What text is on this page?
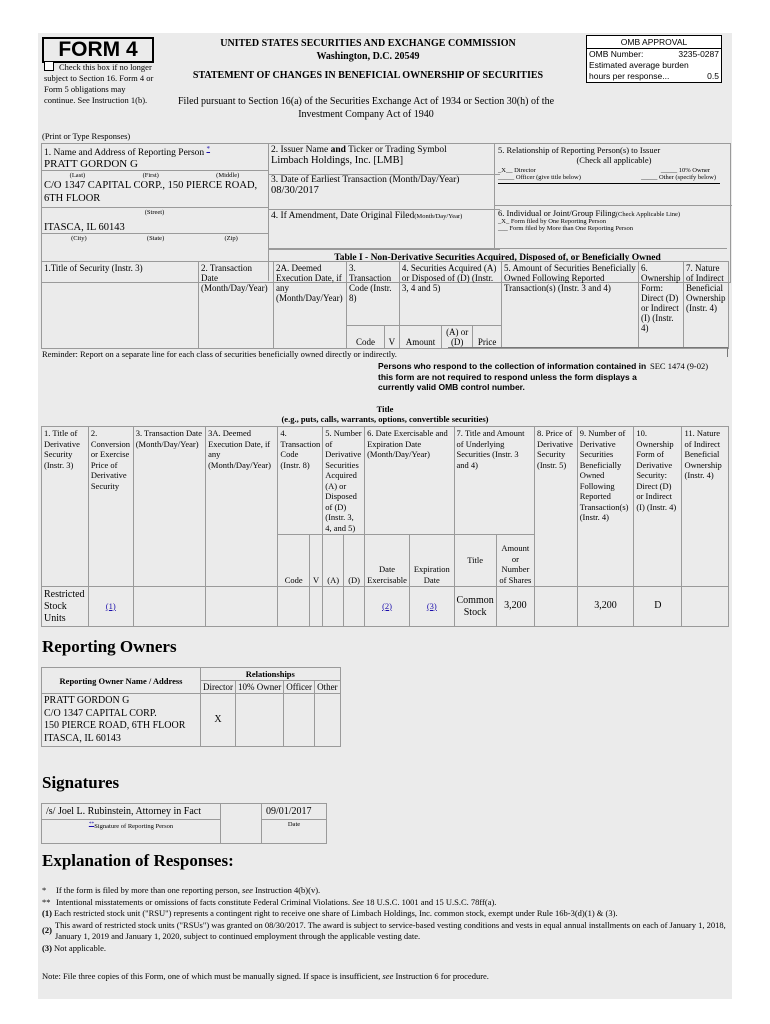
FORM 4
Check this box if no longer subject to Section 16. Form 4 or Form 5 obligations may continue. See Instruction 1(b).
UNITED STATES SECURITIES AND EXCHANGE COMMISSION
Washington, D.C. 20549
STATEMENT OF CHANGES IN BENEFICIAL OWNERSHIP OF SECURITIES
Filed pursuant to Section 16(a) of the Securities Exchange Act of 1934 or Section 30(h) of the
Investment Company Act of 1940
OMB APPROVAL
OMB Number:	3235-0287
Estimated average burden
hours per response...	0.5
(Print or Type Responses)
1. Name and Address of Reporting Person *
PRATT GORDON G
(Last)	(First)	(Middle)
C/O 1347 CAPITAL CORP., 150 PIERCE ROAD, 6TH FLOOR
(Street)
ITASCA, IL 60143
(City)	(State)	(Zip)
2. Issuer Name and Ticker or Trading Symbol
Limbach Holdings, Inc. [LMB]
3. Date of Earliest Transaction (Month/Day/Year)
08/30/2017
4. If Amendment, Date Original Filed(Month/Day/Year)
5. Relationship of Reporting Person(s) to Issuer
(Check all applicable)
_X__ Director	_____ 10% Owner
_____ Officer (give title below)	_____ Other (specify below)
6. Individual or Joint/Group Filing(Check Applicable Line)
_X_ Form filed by One Reporting Person
___ Form filed by More than One Reporting Person
Table I - Non-Derivative Securities Acquired, Disposed of, or Beneficially Owned
1.Title of Security (Instr. 3)	2. Transaction Date (Month/Day/Year)	2A. Deemed Execution Date, if any (Month/Day/Year)	3. Transaction Code (Instr. 8)		4. Securities Acquired (A) or Disposed of (D) (Instr. 3, 4 and 5)			5. Amount of Securities Beneficially Owned Following Reported Transaction(s) (Instr. 3 and 4)	6. Ownership Form: Direct (D) or Indirect (I) (Instr. 4)	7. Nature of Indirect Beneficial Ownership (Instr. 4)
			Code	V	Amount	(A) or (D)	Price			
Reminder: Report on a separate line for each class of securities beneficially owned directly or indirectly.
Persons who respond to the collection of information contained in this form are not required to respond unless the form displays a currently valid OMB control number.
SEC 1474 (9-02)
Title
(e.g., puts, calls, warrants, options, convertible securities)
1. Title of Derivative Security (Instr. 3)	2. Conversion or Exercise Price of Derivative Security	3. Transaction Date (Month/Day/Year)	3A. Deemed Execution Date, if any (Month/Day/Year)	4. Transaction Code (Instr. 8)		5. Number of Derivative Securities Acquired (A) or Disposed of (D) (Instr. 3, 4, and 5)		6. Date Exercisable and Expiration Date (Month/Day/Year)		7. Title and Amount of Underlying Securities (Instr. 3 and 4)		8. Price of Derivative Security (Instr. 5)	9. Number of Derivative Securities Beneficially Owned Following Reported Transaction(s) (Instr. 4)	10. Ownership Form of Derivative Security: Direct (D) or Indirect (I) (Instr. 4)	11. Nature of Indirect Beneficial Ownership (Instr. 4)
				Code	V	(A)	(D)	Date Exercisable	Expiration Date	Title	Amount or Number of Shares				
Restricted Stock Units	(1)							(2)	(3)	Common Stock	3,200		3,200	D	
Reporting Owners
Reporting Owner Name / Address	Relationships			
	Director	10% Owner	Officer	Other

PRATT GORDON G
C/O 1347 CAPITAL CORP.
150 PIERCE ROAD, 6TH FLOOR
ITASCA, IL 60143	X			
Signatures
/s/ Joel L. Rubinstein, Attorney in Fact		09/01/2017
**Signature of Reporting Person		Date
Explanation of Responses:
* If the form is filed by more than one reporting person, see Instruction 4(b)(v).
** Intentional misstatements or omissions of facts constitute Federal Criminal Violations. See 18 U.S.C. 1001 and 15 U.S.C. 78ff(a).
(1) Each restricted stock unit ("RSU") represents a contingent right to receive one share of Limbach Holdings, Inc. common stock, exempt under Rule 16b-3(d)(1) & (3).
(2)
This award of restricted stock units ("RSUs") was granted on 08/30/2017. The award is subject to service-based vesting conditions and vests in equal annual installments on each of January 1, 2018, January 1, 2019 and January 1, 2020, subject to continued employment through the applicable vesting date.
(3) Not applicable.
Note: File three copies of this Form, one of which must be manually signed. If space is insufficient, see Instruction 6 for procedure.
